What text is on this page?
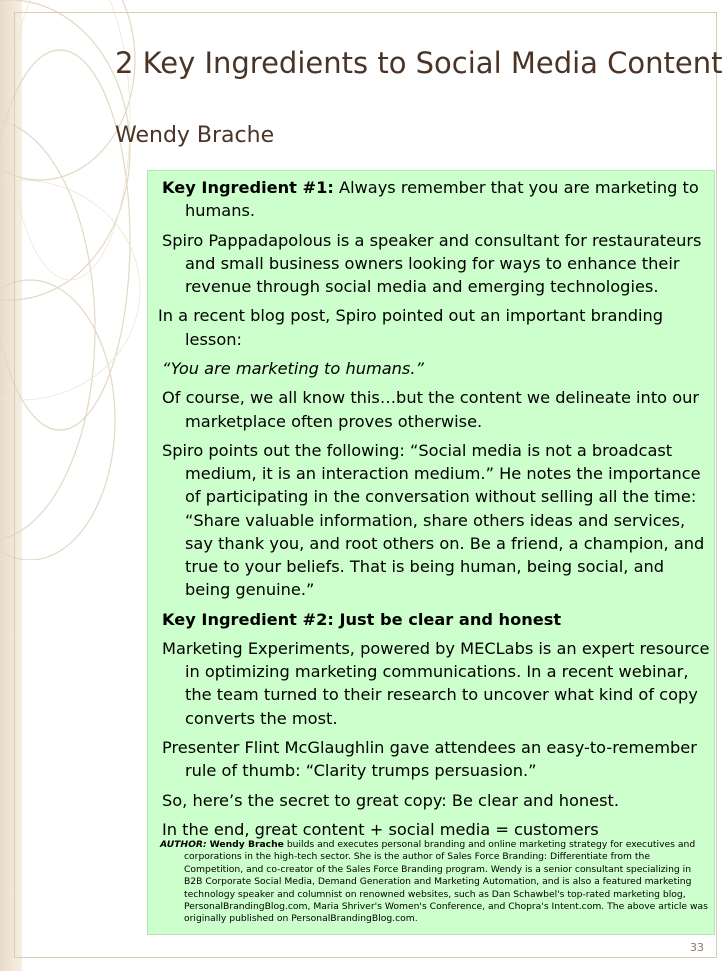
2 Key Ingredients to Social Media Content
Wendy Brache

Key Ingredient #1: Always remember that you are marketing to humans.

Spiro Pappadapolous is a speaker and consultant for restaurateurs and small business owners looking for ways to enhance their revenue through social media and emerging technologies.

In a recent blog post, Spiro pointed out an important branding lesson:

“You are marketing to humans.”

Of course, we all know this…but the content we delineate into our marketplace often proves otherwise.

Spiro points out the following: “Social media is not a broadcast medium, it is an interaction medium.” He notes the importance of participating in the conversation without selling all the time: “Share valuable information, share others ideas and services, say thank you, and root others on. Be a friend, a champion, and true to your beliefs. That is being human, being social, and being genuine.”

Key Ingredient #2: Just be clear and honest

Marketing Experiments, powered by MECLabs is an expert resource in optimizing marketing communications. In a recent webinar, the team turned to their research to uncover what kind of copy converts the most.

Presenter Flint McGlaughlin gave attendees an easy-to-remember rule of thumb: “Clarity trumps persuasion.”

So, here’s the secret to great copy: Be clear and honest.

In the end, great content + social media = customers

AUTHOR: Wendy Brache builds and executes personal branding and online marketing strategy for executives and corporations in the high-tech sector. She is the author of Sales Force Branding: Differentiate from the Competition, and co-creator of the Sales Force Branding program. Wendy is a senior consultant specializing in B2B Corporate Social Media, Demand Generation and Marketing Automation, and is also a featured marketing technology speaker and columnist on renowned websites, such as Dan Schawbel's top-rated marketing blog, PersonalBrandingBlog.com, Maria Shriver's Women's Conference, and Chopra's Intent.com. The above article was originally published on PersonalBrandingBlog.com.
33
